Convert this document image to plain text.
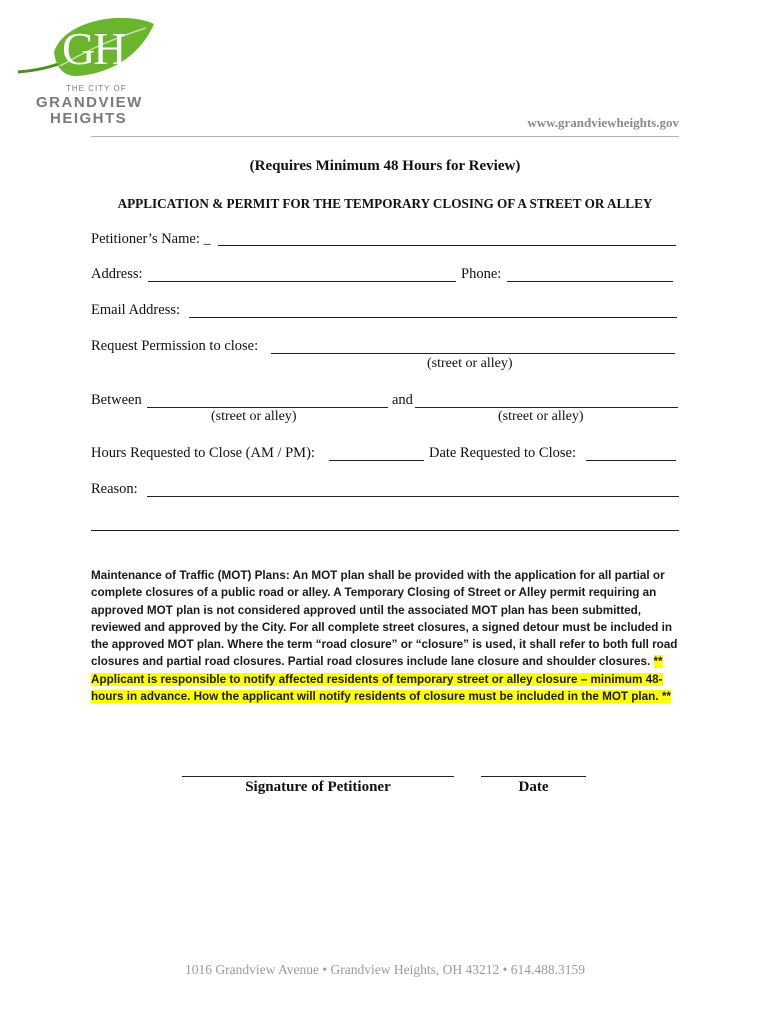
GH
THE CITY OF
GRANDVIEW
HEIGHTS	www.grandviewheights.gov
(Requires Minimum 48 Hours for Review)
APPLICATION & PERMIT FOR THE TEMPORARY CLOSING OF A STREET OR ALLEY
Petitioner’s Name: _
Address:	Phone:
Email Address:
Request Permission to close:
(street or alley)
Between	and
(street or alley)	(street or alley)
Hours Requested to Close (AM / PM):	Date Requested to Close:
Reason:
Maintenance of Traffic (MOT) Plans: An MOT plan shall be provided with the application for all partial or complete closures of a public road or alley. A Temporary Closing of Street or Alley permit requiring an approved MOT plan is not considered approved until the associated MOT plan has been submitted, reviewed and approved by the City. For all complete street closures, a signed detour must be included in the approved MOT plan. Where the term “road closure” or “closure” is used, it shall refer to both full road closures and partial road closures. Partial road closures include lane closure and shoulder closures. ** Applicant is responsible to notify affected residents of temporary street or alley closure – minimum 48-hours in advance. How the applicant will notify residents of closure must be included in the MOT plan. **
Signature of Petitioner	Date
1016 Grandview Avenue • Grandview Heights, OH 43212 • 614.488.3159
